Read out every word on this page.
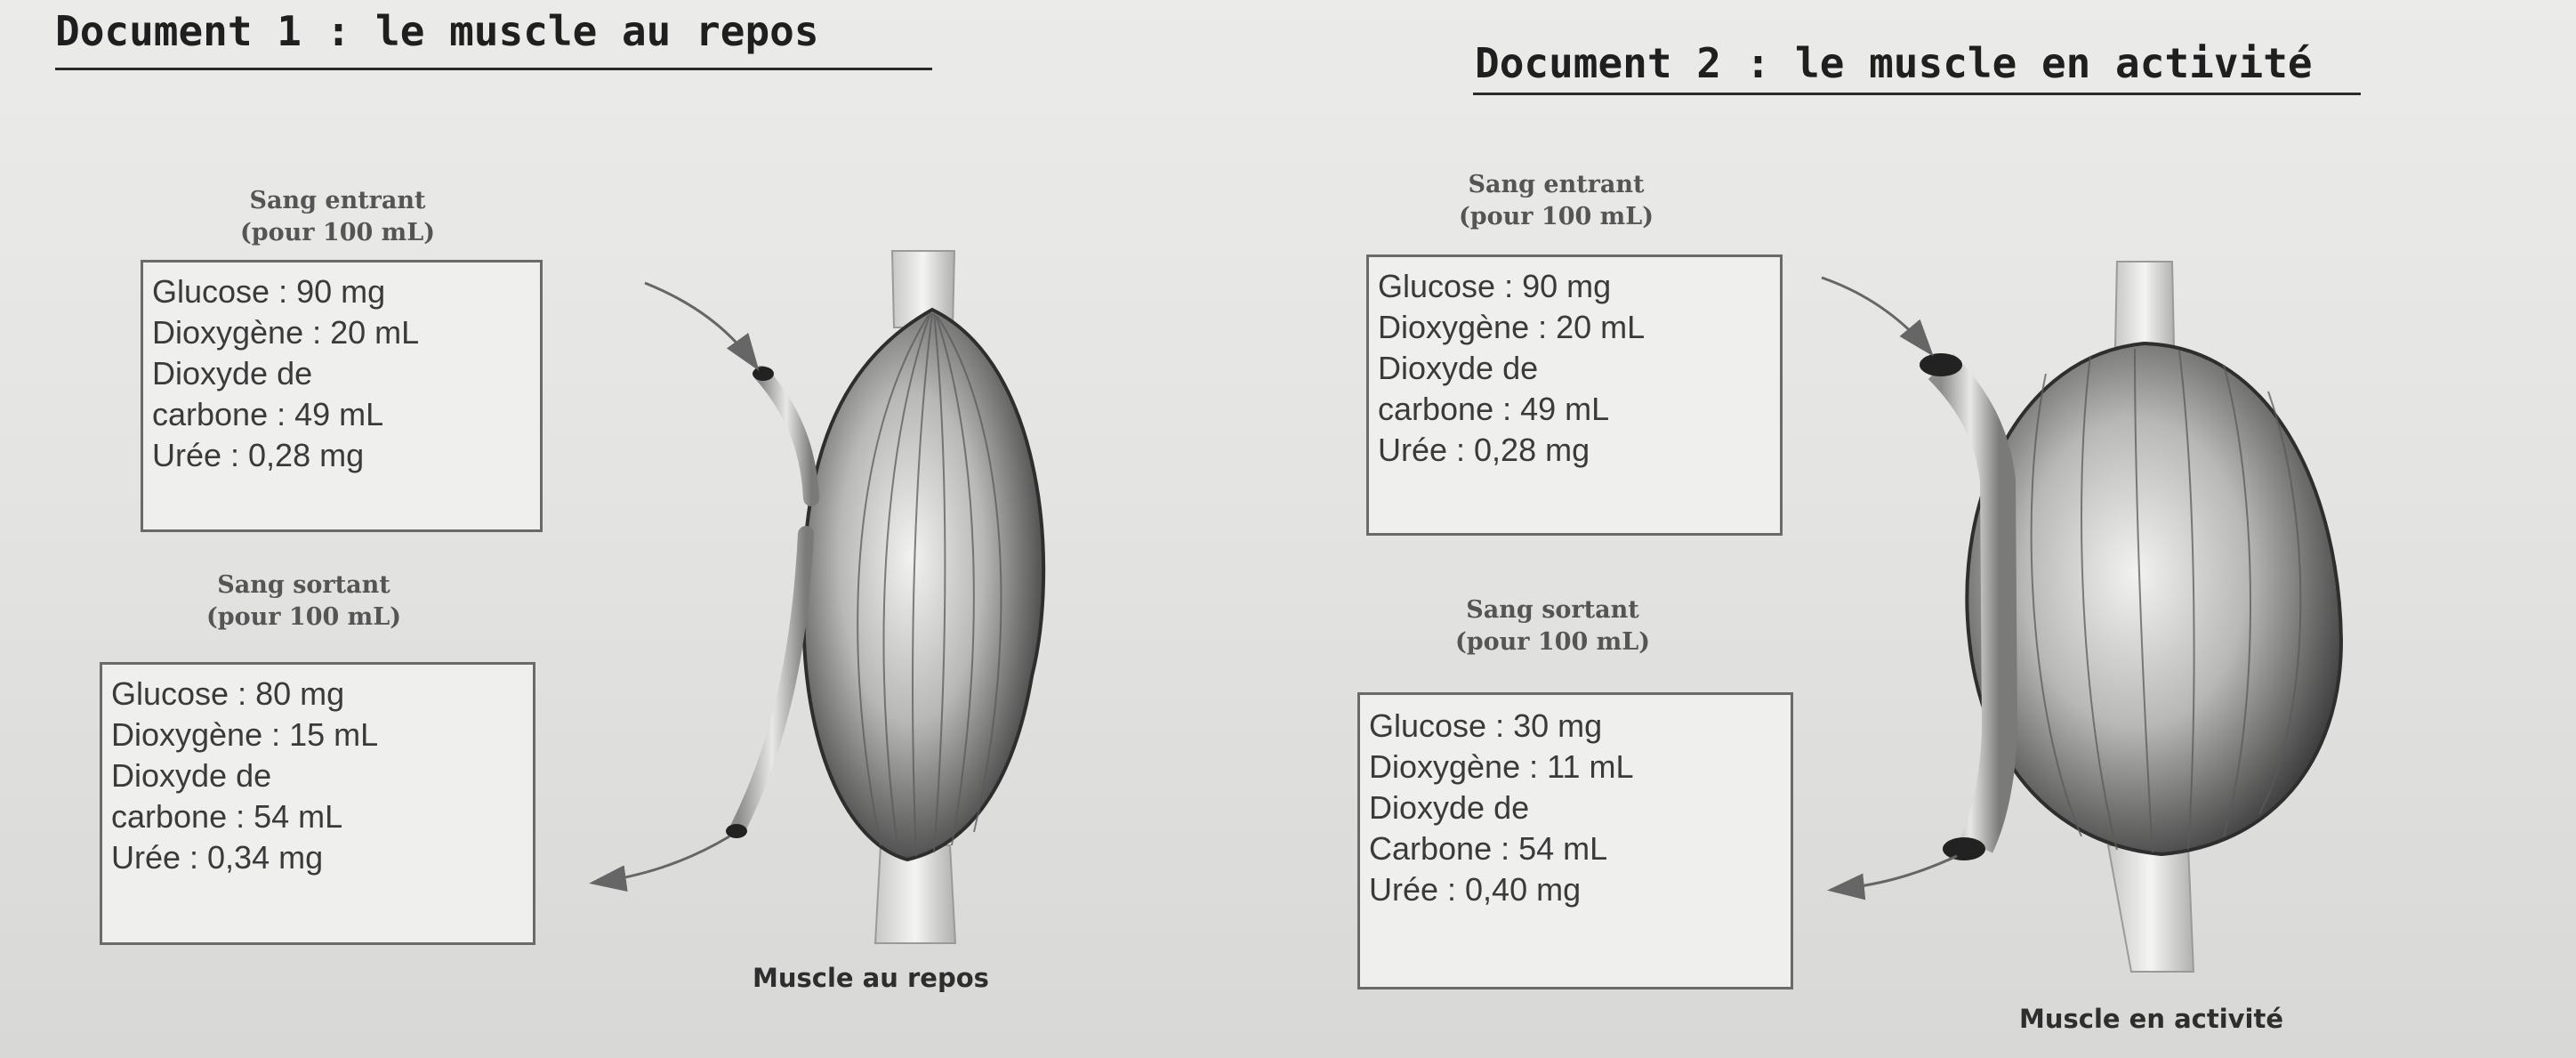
Document 1 : le muscle au repos
Document 2 : le muscle en activité
Sang entrant
(pour 100 mL)
Glucose : 90 mg
Dioxygène : 20 mL
Dioxyde de
carbone : 49 mL
Urée : 0,28 mg
Sang sortant
(pour 100 mL)
Glucose : 80 mg
Dioxygène : 15 mL
Dioxyde de
carbone : 54 mL
Urée : 0,34 mg
Sang entrant
(pour 100 mL)
Glucose : 90 mg
Dioxygène : 20 mL
Dioxyde de
carbone : 49 mL
Urée : 0,28 mg
Sang sortant
(pour 100 mL)
Glucose : 30 mg
Dioxygène : 11 mL
Dioxyde de
Carbone : 54 mL
Urée : 0,40 mg
Muscle au repos
Muscle en activité
